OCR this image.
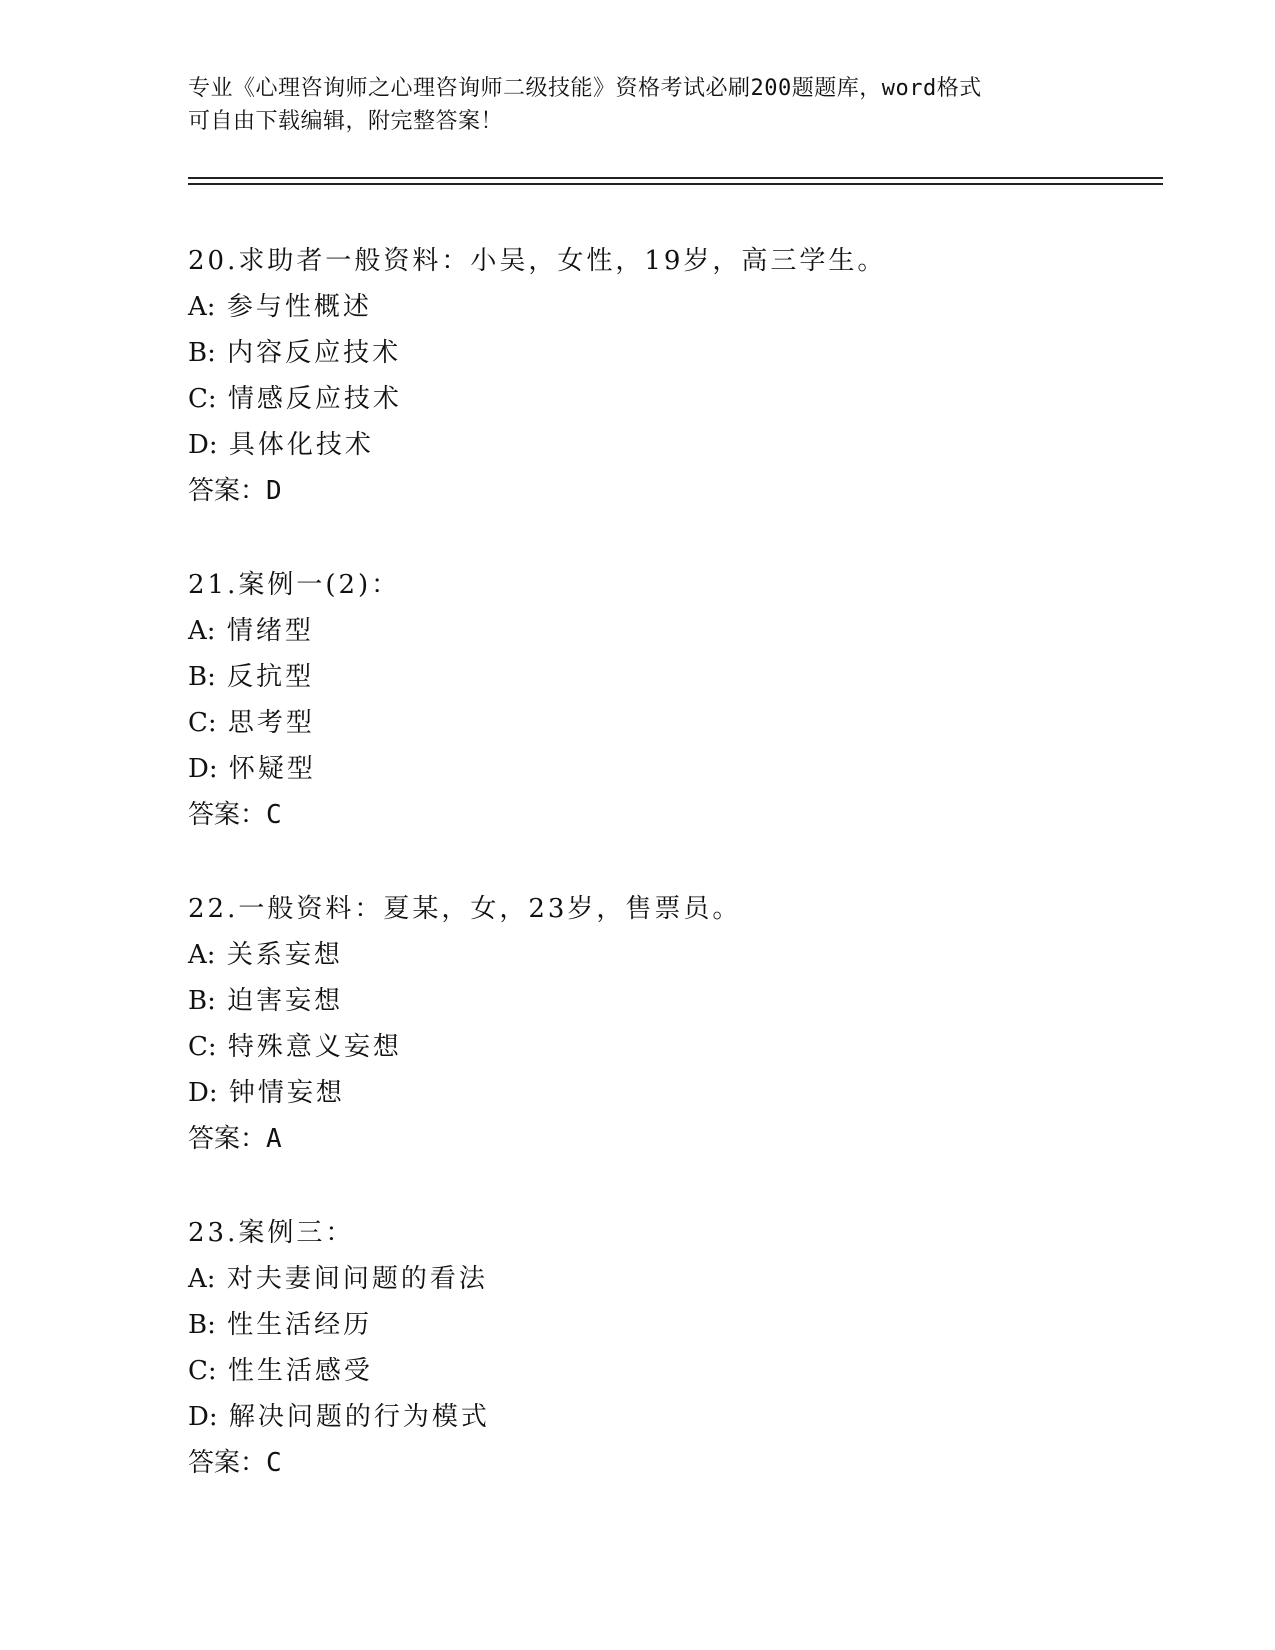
专业《心理咨询师之心理咨询师二级技能》资格考试必刷200题题库，word格式
可自由下载编辑，附完整答案！
20.求助者一般资料：小吴，女性，19岁，高三学生。
A: 参与性概述
B: 内容反应技术
C: 情感反应技术
D: 具体化技术
答案：D
21.案例一(2)：
A: 情绪型
B: 反抗型
C: 思考型
D: 怀疑型
答案：C
22.一般资料：夏某，女，23岁，售票员。
A: 关系妄想
B: 迫害妄想
C: 特殊意义妄想
D: 钟情妄想
答案：A
23.案例三：
A: 对夫妻间问题的看法
B: 性生活经历
C: 性生活感受
D: 解决问题的行为模式
答案：C
